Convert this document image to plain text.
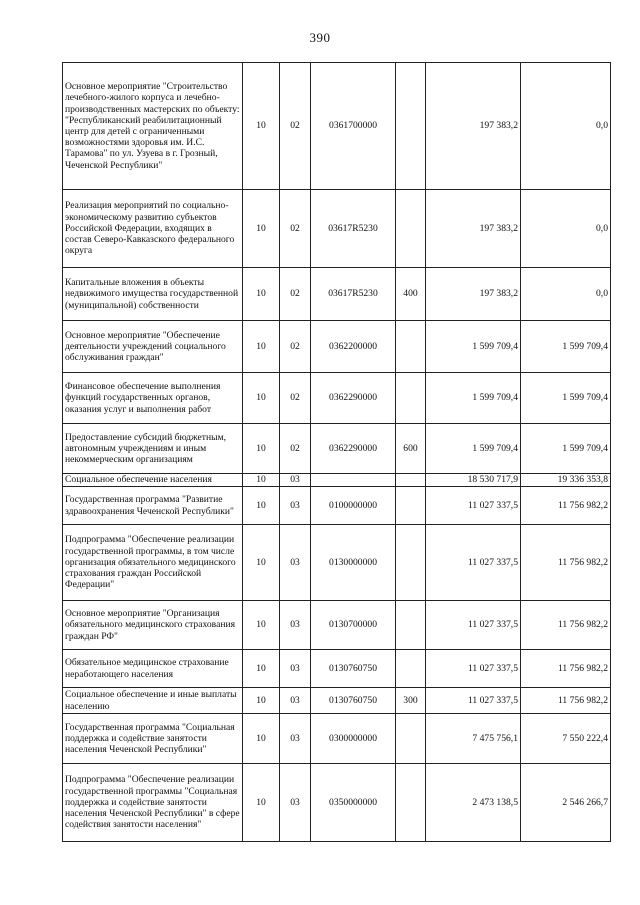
390
Основное мероприятие "Строительство лечебного-жилого корпуса и лечебно-производственных мастерских по объекту: "Республиканский реабилитационный центр для детей с ограниченными возможностями здоровья им. И.С. Тарамова" по ул. Узуева в г. Грозный, Чеченской Республики"	10	02	0361700000		197 383,2	0,0
Реализация мероприятий по социально-экономическому развитию субъектов Российской Федерации, входящих в состав Северо-Кавказского федерального округа	10	02	03617R5230		197 383,2	0,0
Капитальные вложения в объекты недвижимого имущества государственной (муниципальной) собственности	10	02	03617R5230	400	197 383,2	0,0
Основное мероприятие "Обеспечение деятельности учреждений социального обслуживания граждан"	10	02	0362200000		1 599 709,4	1 599 709,4
Финансовое обеспечение выполнения функций государственных органов, оказания услуг и выполнения работ	10	02	0362290000		1 599 709,4	1 599 709,4
Предоставление субсидий бюджетным, автономным учреждениям и иным некоммерческим организациям	10	02	0362290000	600	1 599 709,4	1 599 709,4
Социальное обеспечение населения	10	03			18 530 717,9	19 336 353,8
Государственная программа "Развитие здравоохранения Чеченской Республики"	10	03	0100000000		11 027 337,5	11 756 982,2
Подпрограмма "Обеспечение реализации государственной программы, в том числе организация обязательного медицинского страхования граждан Российской Федерации"	10	03	0130000000		11 027 337,5	11 756 982,2
Основное мероприятие "Организация обязательного медицинского страхования граждан РФ"	10	03	0130700000		11 027 337,5	11 756 982,2
Обязательное медицинское страхование неработающего населения	10	03	0130760750		11 027 337,5	11 756 982,2
Социальное обеспечение и иные выплаты населению	10	03	0130760750	300	11 027 337,5	11 756 982,2
Государственная программа "Социальная поддержка и содействие занятости населения Чеченской Республики"	10	03	0300000000		7 475 756,1	7 550 222,4
Подпрограмма "Обеспечение реализации государственной программы "Социальная поддержка и содействие занятости населения Чеченской Республики" в сфере содействия занятости населения"	10	03	0350000000		2 473 138,5	2 546 266,7
